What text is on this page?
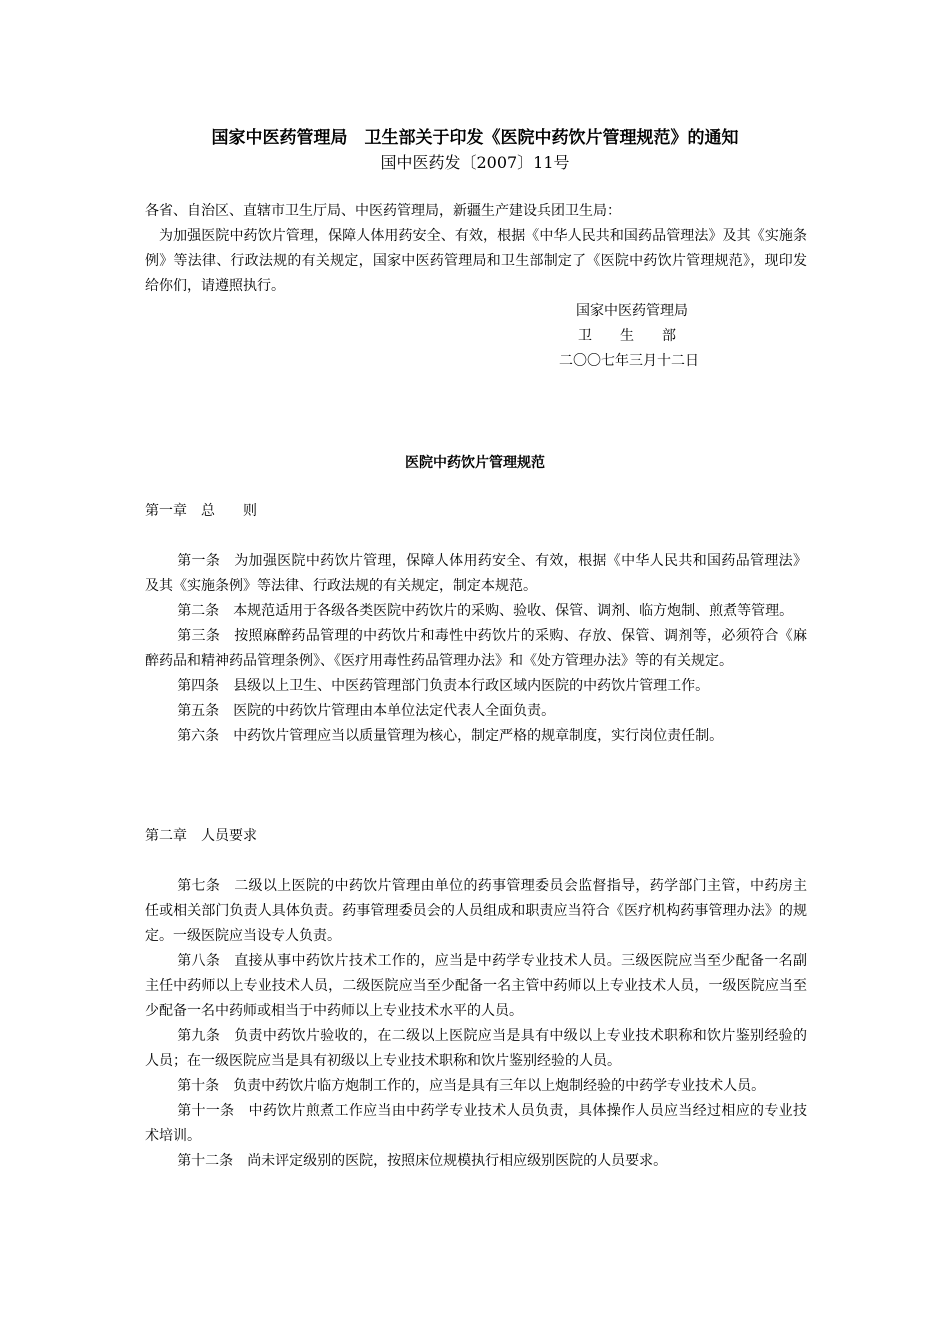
国家中医药管理局　卫生部关于印发《医院中药饮片管理规范》的通知
国中医药发〔2007〕11号

各省、自治区、直辖市卫生厅局、中医药管理局，新疆生产建设兵团卫生局：

为加强医院中药饮片管理，保障人体用药安全、有效，根据《中华人民共和国药品管理法》及其《实施条例》等法律、行政法规的有关规定，国家中医药管理局和卫生部制定了《医院中药饮片管理规范》，现印发给你们，请遵照执行。

国家中医药管理局
卫　　生　　部
二〇〇七年三月十二日
医院中药饮片管理规范
第一章　总　　则

第一条 为加强医院中药饮片管理，保障人体用药安全、有效，根据《中华人民共和国药品管理法》及其《实施条例》等法律、行政法规的有关规定，制定本规范。

第二条 本规范适用于各级各类医院中药饮片的采购、验收、保管、调剂、临方炮制、煎煮等管理。

第三条 按照麻醉药品管理的中药饮片和毒性中药饮片的采购、存放、保管、调剂等，必须符合《麻醉药品和精神药品管理条例》、《医疗用毒性药品管理办法》和《处方管理办法》等的有关规定。

第四条 县级以上卫生、中医药管理部门负责本行政区域内医院的中药饮片管理工作。

第五条 医院的中药饮片管理由本单位法定代表人全面负责。

第六条 中药饮片管理应当以质量管理为核心，制定严格的规章制度，实行岗位责任制。

第二章　人员要求

第七条 二级以上医院的中药饮片管理由单位的药事管理委员会监督指导，药学部门主管，中药房主任或相关部门负责人具体负责。药事管理委员会的人员组成和职责应当符合《医疗机构药事管理办法》的规定。一级医院应当设专人负责。

第八条 直接从事中药饮片技术工作的，应当是中药学专业技术人员。三级医院应当至少配备一名副主任中药师以上专业技术人员，二级医院应当至少配备一名主管中药师以上专业技术人员，一级医院应当至少配备一名中药师或相当于中药师以上专业技术水平的人员。

第九条 负责中药饮片验收的，在二级以上医院应当是具有中级以上专业技术职称和饮片鉴别经验的人员；在一级医院应当是具有初级以上专业技术职称和饮片鉴别经验的人员。

第十条 负责中药饮片临方炮制工作的，应当是具有三年以上炮制经验的中药学专业技术人员。

第十一条 中药饮片煎煮工作应当由中药学专业技术人员负责，具体操作人员应当经过相应的专业技术培训。

第十二条 尚未评定级别的医院，按照床位规模执行相应级别医院的人员要求。
